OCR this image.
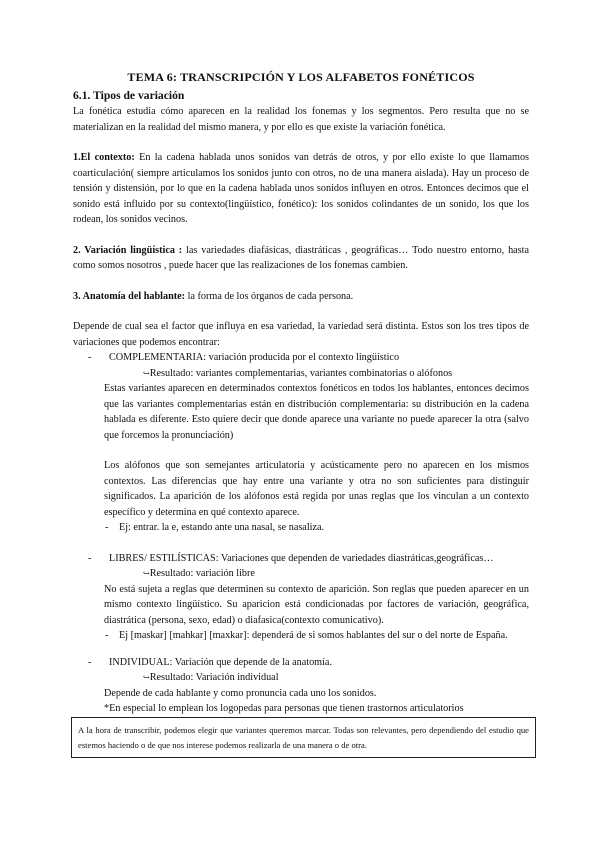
TEMA 6: TRANSCRIPCIÓN Y LOS ALFABETOS FONÉTICOS
6.1. Tipos de variación

La fonética estudia cómo aparecen en la realidad los fonemas y los segmentos. Pero resulta que no se materializan en la realidad del mismo manera, y por ello es que existe la variación fonética.

1.El contexto: En la cadena hablada unos sonidos van detrás de otros, y por ello existe lo que llamamos coarticulación( siempre articulamos los sonidos junto con otros, no de una manera aislada). Hay un proceso de tensión y distensión, por lo que en la cadena hablada unos sonidos influyen en otros. Entonces decimos que el sonido está influido por su contexto(lingüístico, fonético): los sonidos colindantes de un sonido, los que los rodean, los sonidos vecinos.

2. Variación lingüística : las variedades diafásicas, diastráticas , geográficas… Todo nuestro entorno, hasta como somos nosotros , puede hacer que las realizaciones de los fonemas cambien.

3. Anatomía del hablante: la forma de los órganos de cada persona.

Depende de cual sea el factor que influya en esa variedad, la variedad será distinta. Estos son los tres tipos de variaciones que podemos encontrar:

- COMPLEMENTARIA: variación producida por el contexto lingüístico
↪Resultado: variantes complementarias, variantes combinatorias o alófonos

Estas variantes aparecen en determinados contextos fonéticos en todos los hablantes, entonces decimos que las variantes complementarias están en distribución complementaria: su distribución en la cadena hablada es diferente. Esto quiere decir que donde aparece una variante no puede aparecer la otra (salvo que forcemos la pronunciación)

Los alófonos que son semejantes articulatoria y acústicamente pero no aparecen en los mismos contextos. Las diferencias que hay entre una variante y otra no son suficientes para distinguir significados. La aparición de los alófonos está regida por unas reglas que los vinculan a un contexto específico y determina en qué contexto aparece.

- Ej: entrar. la e, estando ante una nasal, se nasaliza.
- LIBRES/ ESTILÍSTICAS: Variaciones que dependen de variedades diastráticas,geográficas…
↪Resultado: variación libre

No está sujeta a reglas que determinen su contexto de aparición. Son reglas que pueden aparecer en un mismo contexto lingüístico. Su aparicion está condicionadas por factores de variación, geográfica, diastrática (persona, sexo, edad) o diafasica(contexto comunicativo).

- Ej [maskar] [mahkar] [maxkar]: dependerá de si somos hablantes del sur o del norte de España.
- INDIVIDUAL: Variación que depende de la anatomía.
↪Resultado: Variación individual

Depende de cada hablante y como pronuncia cada uno los sonidos.

*En especial lo emplean los logopedas para personas que tienen trastornos articulatorios

A la hora de transcribir, podemos elegir que variantes queremos marcar. Todas son relevantes, pero dependiendo del estudio que estemos haciendo o de que nos interese podemos realizarla de una manera o de otra.
